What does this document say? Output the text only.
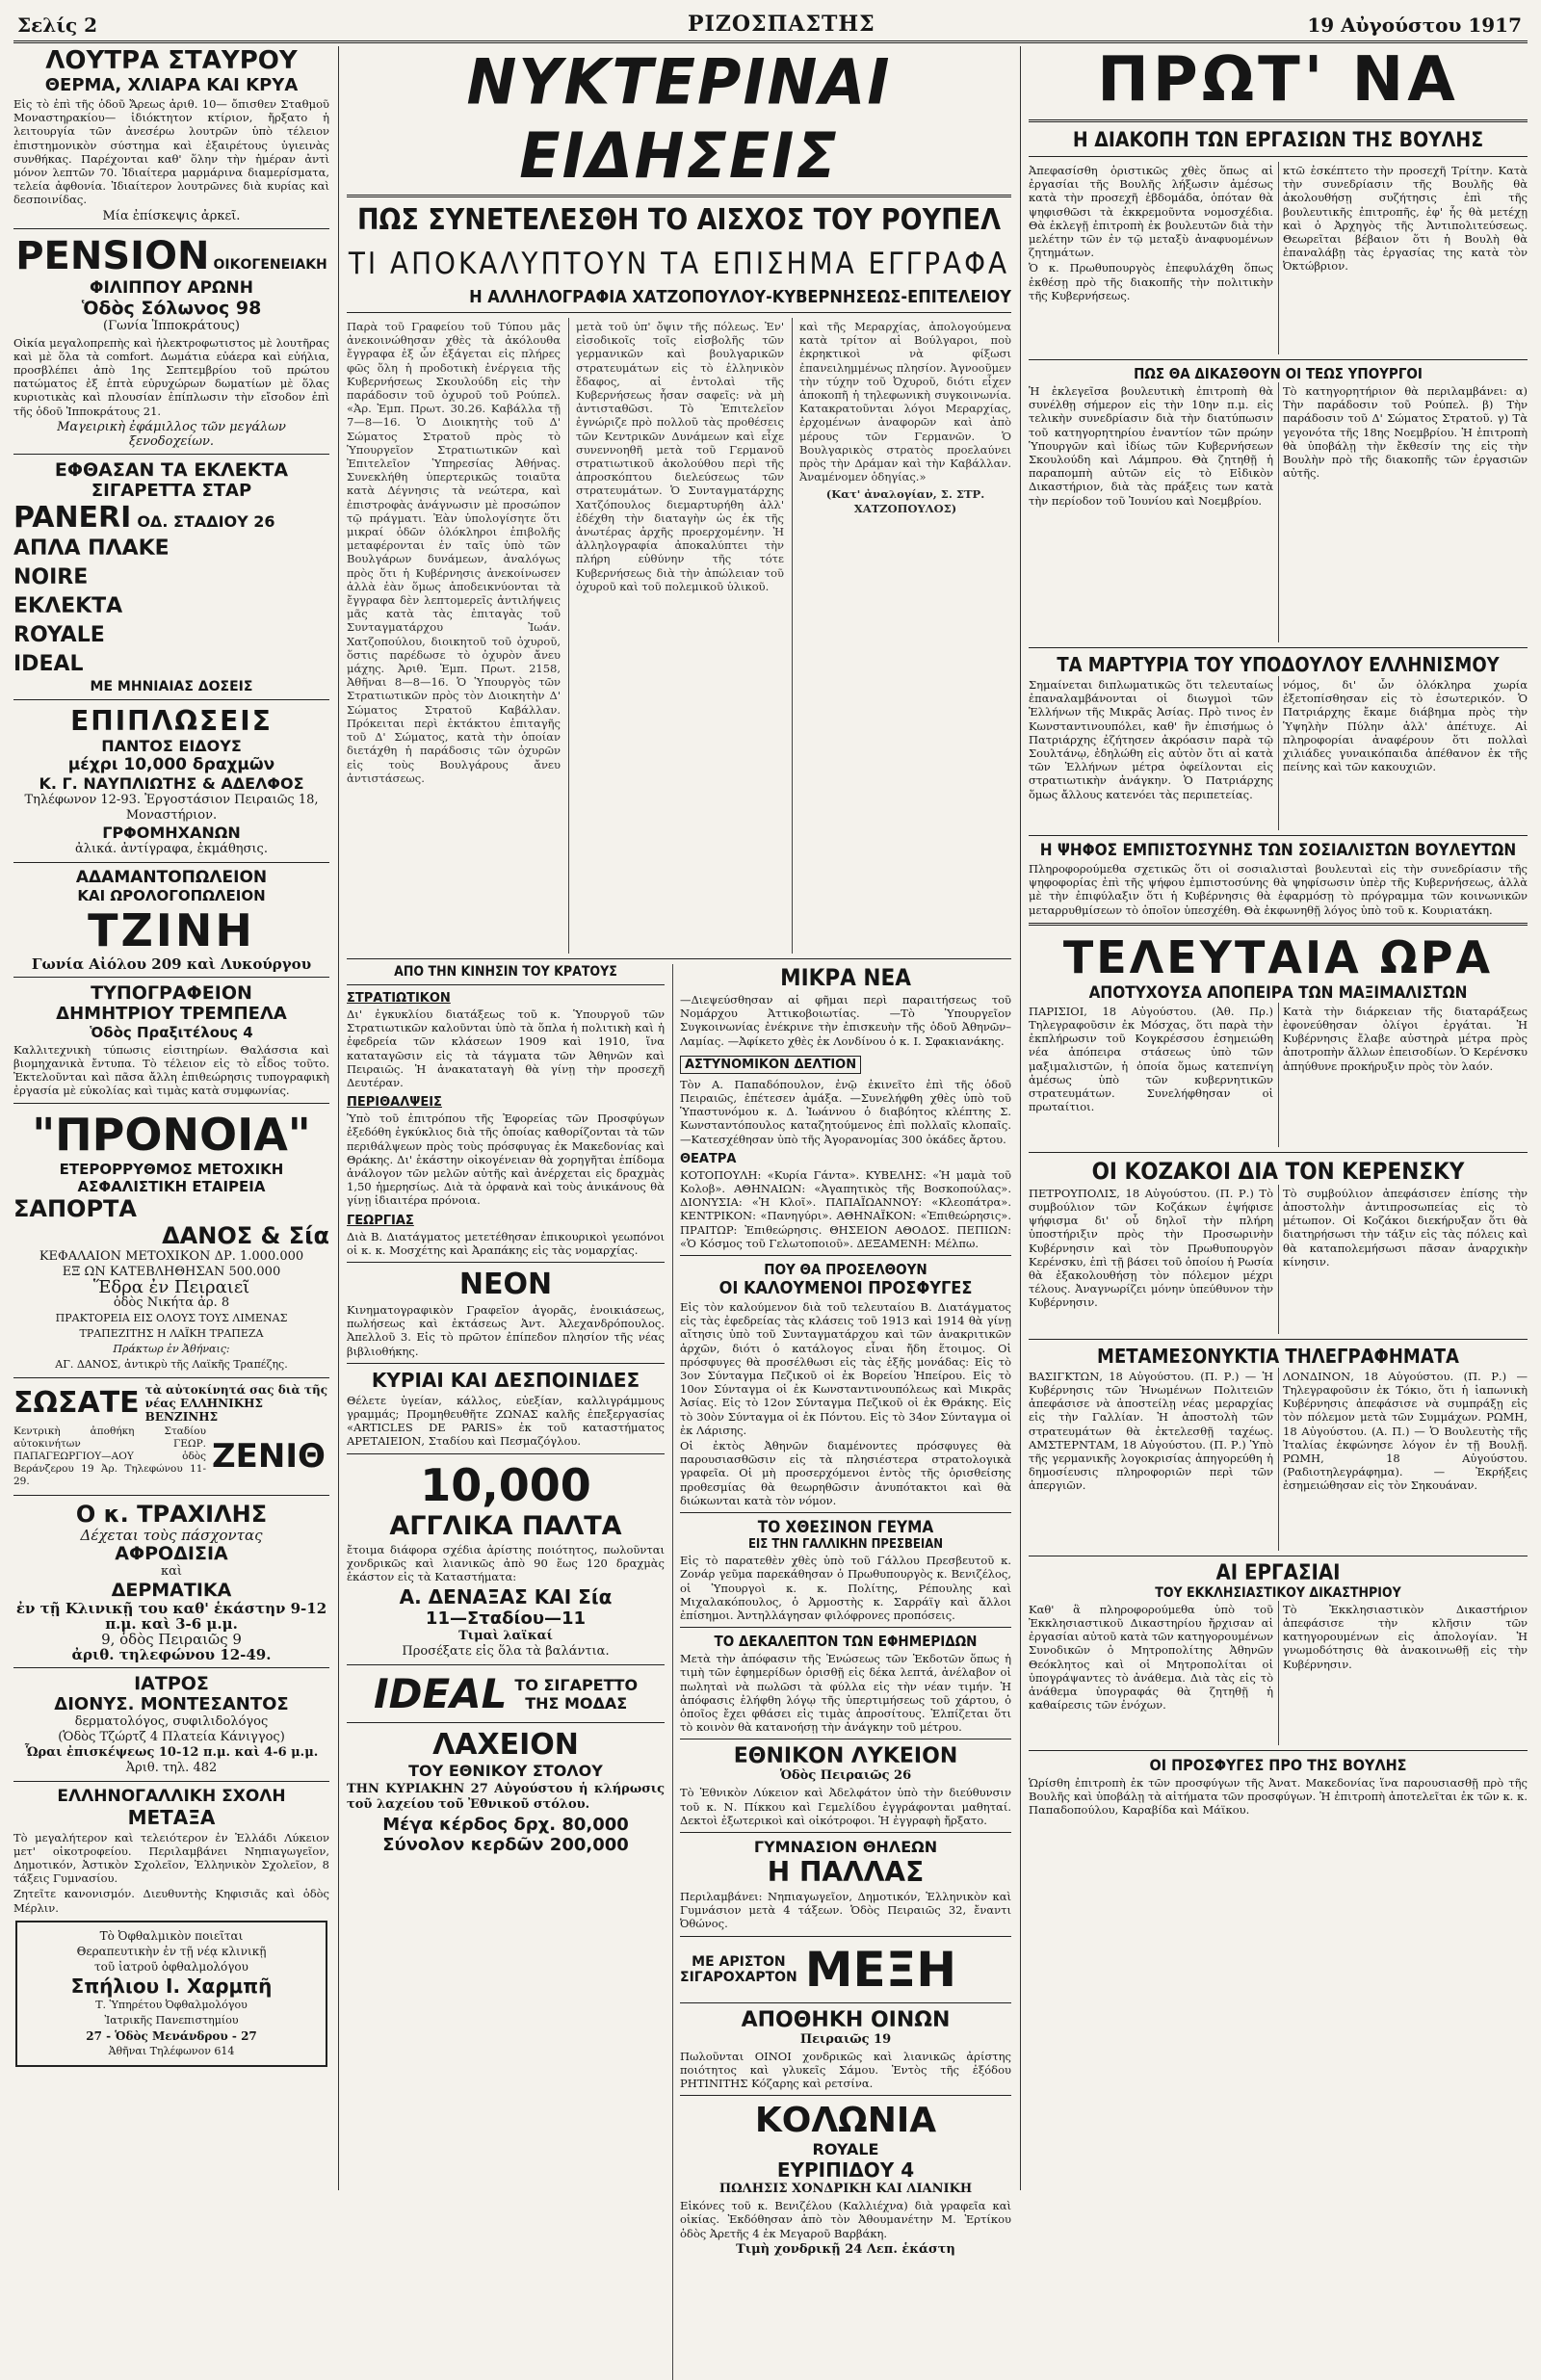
Σελίς 2	ΡΙΖΟΣΠΑΣΤΗΣ	19 Αὐγούστου 1917
ΛΟΥΤΡΑ ΣΤΑΥΡΟΥ
ΘΕΡΜΑ, ΧΛΙΑΡΑ ΚΑΙ ΚΡΥΑ
Εἰς τὸ ἐπὶ τῆς ὁδοῦ Ἄρεως ἀριθ. 10— ὄπισθεν Σταθμοῦ Μοναστηρακίου— ἰδιόκτητον κτίριον, ἤρξατο ἡ λειτουργία τῶν ἀνεσέρω λουτρῶν ὑπὸ τέλειον ἐπιστημονικὸν σύστημα καὶ ἐξαιρέτους ὑγιεινὰς συνθήκας. Παρέχονται καθ' ὅλην τὴν ἡμέραν ἀντὶ μόνον λεπτῶν 70. Ἰδιαίτερα μαρμάρινα διαμερίσματα, τελεία ἀφθονία. Ἰδιαίτερον λουτρῶνες διὰ κυρίας καὶ δεσποινίδας.
Μία ἐπίσκεψις ἀρκεῖ.
PENSION ΟΙΚΟΓΕΝΕΙΑΚΗ
ΦΙΛΙΠΠΟΥ ΑΡΩΝΗ
Ὁδὸς Σόλωνος 98
(Γωνία Ἱπποκράτους)
Οἰκία μεγαλοπρεπὴς καὶ ἠλεκτροφωτιστος μὲ λουτῆρας καὶ μὲ ὅλα τὰ comfort. Δωμάτια εὐάερα καὶ εὐήλια, προσβλέπει ἀπὸ 1ης Σεπτεμβρίου τοῦ πρώτου πατώματος ἐξ ἑπτὰ εὐρυχώρων δωματίων μὲ ὅλας κυριοτικὰς καὶ πλουσίαν ἐπίπλωσιν τὴν εἴσοδον ἐπὶ τῆς ὁδοῦ Ἱπποκράτους 21.
Μαγειρικὴ ἐφάμιλλος τῶν μεγάλων ξενοδοχείων.
ΕΦΘΑΣΑΝ ΤΑ ΕΚΛΕΚΤΑ
ΣΙΓΑΡΕΤΤΑ ΣΤΑΡ
PANERI ΟΔ. ΣΤΑΔΙΟΥ 26
ΑΠΛΑ ΠΛΑΚΕ
ΝΟΙRΕ
ΕΚΛΕΚΤΑ
ROYALE
IDEAL
ΜΕ ΜΗΝΙΑΙΑΣ ΔΟΣΕΙΣ
ΕΠΙΠΛΩΣΕΙΣ
ΠΑΝΤΟΣ ΕΙΔΟΥΣ
μέχρι 10,000 δραχμῶν
Κ. Γ. ΝΑΥΠΛΙΩΤΗΣ & ΑΔΕΛΦΟΣ
Τηλέφωνον 12-93. Ἐργοστάσιον Πειραιῶς 18, Μοναστήριον.
ΓΡΦΟΜΗΧΑΝΩΝ
ἀλικά. ἀντίγραφα, ἐκμάθησις.
ΑΔΑΜΑΝΤΟΠΩΛΕΙΟΝ
ΚΑΙ ΩΡΟΛΟΓΟΠΩΛΕΙΟΝ
ΤΖΙΝΗ
Γωνία Αἰόλου 209 καὶ Λυκούργου
ΤΥΠΟΓΡΑΦΕΙΟΝ
ΔΗΜΗΤΡΙΟΥ ΤΡΕΜΠΕΛΑ
Ὁδὸς Πραξιτέλους 4
Καλλιτεχνικὴ τύπωσις εἰσιτηρίων. Θαλάσσια καὶ βιομηχανικὰ ἔντυπα. Τὸ τέλειον εἰς τὸ εἶδος τοῦτο. Ἐκτελοῦνται καὶ πᾶσα ἄλλη ἐπιθεώρησις τυπογραφικὴ ἐργασία μὲ εὐκολίας καὶ τιμὰς κατὰ συμφωνίας.
"ΠΡΟΝΟΙΑ"
ΕΤΕΡΟΡΡΥΘΜΟΣ ΜΕΤΟΧΙΚΗ
ΑΣΦΑΛΙΣΤΙΚΗ ΕΤΑΙΡΕΙΑ
ΣΑΠΟΡΤΑ
ΔΑΝΟΣ & Σία
ΚΕΦΑΛΑΙΟΝ ΜΕΤΟΧΙΚΟΝ ΔΡ. 1.000.000
ΕΞ ΩΝ ΚΑΤΕΒΛΗΘΗΣΑΝ 500.000
Ἕδρα ἐν Πειραιεῖ
ὁδὸς Νικήτα ἀρ. 8
ΠΡΑΚΤΟΡΕΙΑ ΕΙΣ ΟΛΟΥΣ ΤΟΥΣ ΛΙΜΕΝΑΣ
ΤΡΑΠΕΖΙΤΗΣ Η ΛΑΪΚΗ ΤΡΑΠΕΖΑ
Πράκτωρ ἐν Ἀθήναις:
ΑΓ. ΔΑΝΟΣ, ἀντικρὺ τῆς Λαϊκῆς Τραπέζης.
ΣΩΣΑΤΕ τὰ αὐτοκίνητά σας διὰ τῆς νέας ΕΛΛΗΝΙΚΗΣ ΒΕΝΖΙΝΗΣ
Κεντρικὴ ἀποθήκη Σταδίου αὐτοκινήτων ΓΕΩΡ. ΠΑΠΑΓΕΩΡΓΙΟΥ—ΑΟΥ ὁδὸς Βεράνζερου 19 Ἀρ. Τηλεφώνου 11-29.
ΖΕΝΙΘ
Ο κ. ΤΡΑΧΙΛΗΣ
Δέχεται τοὺς πάσχοντας
ΑΦΡΟΔΙΣΙΑ
καὶ
ΔΕΡΜΑΤΙΚΑ
ἐν τῇ Κλινικῇ του καθ' ἑκάστην 9-12 π.μ. καὶ 3-6 μ.μ.
9, ὁδὸς Πειραιῶς 9
ἀριθ. τηλεφώνου 12-49.
ΙΑΤΡΟΣ
ΔΙΟΝΥΣ. ΜΟΝΤΕΣΑΝΤΟΣ
δερματολόγος, συφιλιδολόγος
(Ὁδὸς Τζώρτζ 4 Πλατεία Κάνιγγος)
Ὧραι ἐπισκέψεως 10-12 π.μ. καὶ 4-6 μ.μ.
Ἀριθ. τηλ. 482
ΕΛΛΗΝΟΓΑΛΛΙΚΗ ΣΧΟΛΗ
ΜΕΤΑΞΑ
Τὸ μεγαλήτερον καὶ τελειότερον ἐν Ἑλλάδι Λύκειον μετ' οἰκοτροφείου. Περιλαμβάνει Νηπιαγωγεῖον, Δημοτικόν, Ἀστικὸν Σχολεῖον, Ἑλληνικὸν Σχολεῖον, 8 τάξεις Γυμνασίου.
Ζητεῖτε κανονισμόν. Διευθυντὴς Κηφισιᾶς καὶ ὁδὸς Μέρλιν.
Τὸ Ὀφθαλμικὸν ποιεῖται
Θεραπευτικὴν ἐν τῇ νέᾳ κλινικῇ
τοῦ ἰατροῦ ὀφθαλμολόγου
Σπήλιου Ι. Χαρμπῆ
Τ. Ὑπηρέτου Ὀφθαλμολόγου
Ἰατρικῆς Πανεπιστημίου
27 - Ὁδὸς Μενάνδρου - 27
Ἀθῆναι Τηλέφωνον 614
ΝΥΚΤΕΡΙΝΑΙ ΕΙΔΗΣΕΙΣ
ΠΩΣ ΣΥΝΕΤΕΛΕΣΘΗ ΤΟ ΑΙΣΧΟΣ ΤΟΥ ΡΟΥΠΕΛ
ΤΙ ΑΠΟΚΑΛΥΠΤΟΥΝ ΤΑ ΕΠΙΣΗΜΑ ΕΓΓΡΑΦΑ
Η ΑΛΛΗΛΟΓΡΑΦΙΑ ΧΑΤΖΟΠΟΥΛΟΥ-ΚΥΒΕΡΝΗΣΕΩΣ-ΕΠΙΤΕΛΕΙΟΥ
Παρὰ τοῦ Γραφείου τοῦ Τύπου μᾶς ἀνεκοινώθησαν χθὲς τὰ ἀκόλουθα ἔγγραφα ἐξ ὧν ἐξάγεται εἰς πλήρες φῶς ὅλη ἡ προδοτικὴ ἐνέργεια τῆς Κυβερνήσεως Σκουλούδη εἰς τὴν παράδοσιν τοῦ ὀχυροῦ τοῦ Ρούπελ. «Ἀρ. Ἐμπ. Πρωτ. 30.26. Καβάλλα τῇ 7—8—16. Ὁ Διοικητὴς τοῦ Δ' Σώματος Στρατοῦ πρὸς τὸ Ὑπουργεῖον Στρατιωτικῶν καὶ Ἐπιτελεῖον Ὑπηρεσίας Ἀθήνας. Συνεκλήθη ὑπερτερικῶς τοιαῦτα κατὰ Δέγνησις τὰ νεώτερα, καὶ ἐπιστροφὰς ἀνάγνωσιν μὲ προσώπον τῷ πράγματι. Ἐὰν ὑπολογίσητε ὅτι μικραί ὁδῶν ὁλόκληροι ἐπιβολῆς μεταφέρονται ἐν ταῖς ὑπὸ τῶν Βουλγάρων δυνάμεων, ἀναλόγως πρὸς ὅτι ἡ Κυβέρνησις ἀνεκοίνωσεν ἀλλὰ ἐὰν ὅμως ἀποδεικνύονται τὰ ἔγγραφα δὲν λεπτομερεῖς ἀντιλήψεις μᾶς κατὰ τὰς ἐπιταγὰς τοῦ Συνταγματάρχου Ἰωάν. Χατζοπούλου, διοικητοῦ τοῦ ὀχυροῦ, ὅστις παρέδωσε τὸ ὀχυρὸν ἄνευ μάχης. Ἀριθ. Ἐμπ. Πρωτ. 2158, Ἀθῆναι 8—8—16. Ὁ Ὑπουργὸς τῶν Στρατιωτικῶν πρὸς τὸν Διοικητὴν Δ' Σώματος Στρατοῦ Καβάλλαν. Πρόκειται περὶ ἐκτάκτου ἐπιταγῆς τοῦ Δ' Σώματος, κατὰ τὴν ὁποίαν διετάχθη ἡ παράδοσις τῶν ὀχυρῶν εἰς τοὺς Βουλγάρους ἄνευ ἀντιστάσεως.
μετὰ τοῦ ὑπ' ὄψιν τῆς πόλεως. Ἐν' εἰσοδικοῖς τοῖς εἰσβολῆς τῶν γερμανικῶν καὶ βουλγαρικῶν στρατευμάτων εἰς τὸ ἑλληνικὸν ἔδαφος, αἱ ἐντολαὶ τῆς Κυβερνήσεως ἦσαν σαφεῖς: νὰ μὴ ἀντισταθῶσι. Τὸ Ἐπιτελεῖον ἐγνώριζε πρὸ πολλοῦ τὰς προθέσεις τῶν Κεντρικῶν Δυνάμεων καὶ εἶχε συνεννοηθῆ μετὰ τοῦ Γερμανοῦ στρατιωτικοῦ ἀκολούθου περὶ τῆς ἀπροσκόπτου διελεύσεως τῶν στρατευμάτων. Ὁ Συνταγματάρχης Χατζόπουλος διεμαρτυρήθη ἀλλ' ἐδέχθη τὴν διαταγὴν ὡς ἐκ τῆς ἀνωτέρας ἀρχῆς προερχομένην. Ἡ ἀλληλογραφία ἀποκαλύπτει τὴν πλήρη εὐθύνην τῆς τότε Κυβερνήσεως διὰ τὴν ἀπώλειαν τοῦ ὀχυροῦ καὶ τοῦ πολεμικοῦ ὑλικοῦ.
καὶ τῆς Μεραρχίας, ἀπολογούμενα κατὰ τρίτον αἱ Βούλγαροι, ποὺ ἐκρηκτικοὶ νὰ φίξωσι ἐπανειλημμένως πλησίον. Ἀγνοοῦμεν τὴν τύχην τοῦ Ὀχυροῦ, διότι εἶχεν ἀποκοπῆ ἡ τηλεφωνικὴ συγκοινωνία. Κατακρατοῦνται λόγοι Μεραρχίας, ἐρχομένων ἀναφορῶν καὶ ἀπὸ μέρους τῶν Γερμανῶν. Ὁ Βουλγαρικὸς στρατὸς προελαύνει πρὸς τὴν Δράμαν καὶ τὴν Καβάλλαν. Ἀναμένομεν ὁδηγίας.»
(Κατ' ἀναλογίαν, Σ. ΣΤΡ. ΧΑΤΖΟΠΟΥΛΟΣ)
ΑΠΟ ΤΗΝ ΚΙΝΗΣΙΝ ΤΟΥ ΚΡΑΤΟΥΣ
ΣΤΡΑΤΙΩΤΙΚΟΝ
Δι' ἐγκυκλίου διατάξεως τοῦ κ. Ὑπουργοῦ τῶν Στρατιωτικῶν καλοῦνται ὑπὸ τὰ ὅπλα ἡ πολιτικὴ καὶ ἡ ἐφεδρεία τῶν κλάσεων 1909 καὶ 1910, ἵνα καταταγῶσιν εἰς τὰ τάγματα τῶν Ἀθηνῶν καὶ Πειραιῶς. Ἡ ἀνακαταταγὴ θὰ γίνῃ τὴν προσεχῆ Δευτέραν.
ΠΕΡΙΘΑΛΨΕΙΣ
Ὑπὸ τοῦ ἐπιτρόπου τῆς Ἐφορείας τῶν Προσφύγων ἐξεδόθη ἐγκύκλιος διὰ τῆς ὁποίας καθορίζονται τὰ τῶν περιθάλψεων πρὸς τοὺς πρόσφυγας ἐκ Μακεδονίας καὶ Θράκης. Δι' ἑκάστην οἰκογένειαν θὰ χορηγῆται ἐπίδομα ἀνάλογον τῶν μελῶν αὐτῆς καὶ ἀνέρχεται εἰς δραχμὰς 1,50 ἡμερησίως. Διὰ τὰ ὀρφανὰ καὶ τοὺς ἀνικάνους θὰ γίνῃ ἰδιαιτέρα πρόνοια.
ΓΕΩΡΓΙΑΣ
Διὰ Β. Διατάγματος μετετέθησαν ἐπικουρικοὶ γεωπόνοι οἱ κ. κ. Μοσχέτης καὶ Ἀραπάκης εἰς τὰς νομαρχίας.
ΝΕΟΝ
Κινηματογραφικὸν Γραφεῖον ἀγορᾶς, ἐνοικιάσεως, πωλήσεως καὶ ἐκτάσεως Ἀντ. Ἀλεχανδρόπουλος. Ἀπελλοῦ 3. Εἰς τὸ πρῶτον ἐπίπεδον πλησίον τῆς νέας βιβλιοθήκης.
ΚΥΡΙΑΙ ΚΑΙ ΔΕΣΠΟΙΝΙΔΕΣ
Θέλετε ὑγείαν, κάλλος, εὐεξίαν, καλλιγράμμους γραμμάς; Προμηθευθῆτε ΖΩΝΑΣ καλῆς ἐπεξεργασίας «ARTICLES DE PARIS» ἐκ τοῦ καταστήματος ΑΡΕΤΑΙΕΙΟΝ, Σταδίου καὶ Πεσμαζόγλου.
10,000
ΑΓΓΛΙΚΑ ΠΑΛΤΑ
ἔτοιμα διάφορα σχέδια ἀρίστης ποιότητος, πωλοῦνται χονδρικῶς καὶ λιανικῶς ἀπὸ 90 ἕως 120 δραχμὰς ἑκάστον εἰς τὰ Καταστήματα:
Α. ΔΕΝΑΞΑΣ ΚΑΙ Σία
11—Σταδίου—11
Τιμαὶ λαϊκαί
Προσέξατε εἰς ὅλα τὰ βαλάντια.
IDEAL ΤΟ ΣΙΓΑΡΕΤΤΟ
ΤΗΣ ΜΟΔΑΣ
ΛΑΧΕΙΟΝ
ΤΟΥ ΕΘΝΙΚΟΥ ΣΤΟΛΟΥ
ΤΗΝ ΚΥΡΙΑΚΗΝ 27 Αὐγούστου ἡ κλήρωσις τοῦ λαχείου τοῦ Ἐθνικοῦ στόλου.
Μέγα κέρδος δρχ. 80,000
Σύνολον κερδῶν 200,000
ΜΙΚΡΑ ΝΕΑ
—Διεψεύσθησαν αἱ φῆμαι περὶ παραιτήσεως τοῦ Νομάρχου Ἀττικοβοιωτίας. —Τὸ Ὑπουργεῖον Συγκοινωνίας ἐνέκρινε τὴν ἐπισκευὴν τῆς ὁδοῦ Ἀθηνῶν–Λαμίας. —Ἀφίκετο χθὲς ἐκ Λονδίνου ὁ κ. Ι. Σφακιανάκης.
ΑΣΤΥΝΟΜΙΚΟΝ ΔΕΛΤΙΟΝ
Τὸν Α. Παπαδόπουλον, ἐνῷ ἐκινεῖτο ἐπὶ τῆς ὁδοῦ Πειραιῶς, ἐπέτεσεν ἀμάξα. —Συνελήφθη χθὲς ὑπὸ τοῦ Ὑπαστυνόμου κ. Δ. Ἰωάννου ὁ διαβόητος κλέπτης Σ. Κωνσταντόπουλος καταζητούμενος ἐπὶ πολλαῖς κλοπαῖς. —Κατεσχέθησαν ὑπὸ τῆς Ἀγορανομίας 300 ὀκάδες ἄρτου.
ΘΕΑΤΡΑ
ΚΟΤΟΠΟΥΛΗ: «Κυρία Γάντα». ΚΥΒΕΛΗΣ: «Ἡ μαμὰ τοῦ Κολοβ». ΑΘΗΝΑΙΩΝ: «Ἀγαπητικὸς τῆς Βοσκοπούλας». ΔΙΟΝΥΣΙΑ: «Ἡ Κλοῖ». ΠΑΠΑΪΩΑΝΝΟΥ: «Κλεοπάτρα». ΚΕΝΤΡΙΚΟΝ: «Πανηγύρι». ΑΘΗΝΑΪΚΟΝ: «Ἐπιθεώρησις». ΠΡΑΙΤΩΡ: Ἐπιθεώρησις. ΘΗΣΕΙΟΝ ΑΘΟΔΟΣ. ΠΕΠΙΩΝ: «Ὁ Κόσμος τοῦ Γελωτοποιοῦ». ΔΕΞΑΜΕΝΗ: Μέλπω.
ΠΟΥ ΘΑ ΠΡΟΣΕΛΘΟΥΝ
ΟΙ ΚΑΛΟΥΜΕΝΟΙ ΠΡΟΣΦΥΓΕΣ
Εἰς τὸν καλούμενον διὰ τοῦ τελευταίου Β. Διατάγματος εἰς τὰς ἐφεδρείας τὰς κλάσεις τοῦ 1913 καὶ 1914 θὰ γίνῃ αἴτησις ὑπὸ τοῦ Συνταγματάρχου καὶ τῶν ἀνακριτικῶν ἀρχῶν, διότι ὁ κατάλογος εἶναι ἤδη ἕτοιμος. Οἱ πρόσφυγες θὰ προσέλθωσι εἰς τὰς ἑξῆς μονάδας: Εἰς τὸ 3ον Σύνταγμα Πεζικοῦ οἱ ἐκ Βορείου Ἠπείρου. Εἰς τὸ 10ον Σύνταγμα οἱ ἐκ Κωνσταντινουπόλεως καὶ Μικρᾶς Ἀσίας. Εἰς τὸ 12ον Σύνταγμα Πεζικοῦ οἱ ἐκ Θράκης. Εἰς τὸ 30ὸν Σύνταγμα οἱ ἐκ Πόντου. Εἰς τὸ 34ον Σύνταγμα οἱ ἐκ Λάρισης.
Οἱ ἐκτὸς Ἀθηνῶν διαμένοντες πρόσφυγες θὰ παρουσιασθῶσιν εἰς τὰ πλησιέστερα στρατολογικὰ γραφεῖα. Οἱ μὴ προσερχόμενοι ἐντὸς τῆς ὁρισθείσης προθεσμίας θὰ θεωρηθῶσιν ἀνυπότακτοι καὶ θὰ διώκωνται κατὰ τὸν νόμον.
ΤΟ ΧΘΕΣΙΝΟΝ ΓΕΥΜΑ
ΕΙΣ ΤΗΝ ΓΑΛΛΙΚΗΝ ΠΡΕΣΒΕΙΑΝ
Εἰς τὸ παρατεθὲν χθὲς ὑπὸ τοῦ Γάλλου Πρεσβευτοῦ κ. Ζονάρ γεῦμα παρεκάθησαν ὁ Πρωθυπουργὸς κ. Βενιζέλος, οἱ Ὑπουργοὶ κ. κ. Πολίτης, Ρέπουλης καὶ Μιχαλακόπουλος, ὁ Ἀρμοστὴς κ. Σαρράϊγ καὶ ἄλλοι ἐπίσημοι. Ἀντηλλάγησαν φιλόφρονες προπόσεις.
ΤΟ ΔΕΚΑΛΕΠΤΟΝ ΤΩΝ ΕΦΗΜΕΡΙΔΩΝ
Μετὰ τὴν ἀπόφασιν τῆς Ἐνώσεως τῶν Ἐκδοτῶν ὅπως ἡ τιμὴ τῶν ἐφημερίδων ὁρισθῇ εἰς δέκα λεπτά, ἀνέλαβον οἱ πωληταὶ νὰ πωλῶσι τὰ φύλλα εἰς τὴν νέαν τιμήν. Ἡ ἀπόφασις ἐλήφθη λόγῳ τῆς ὑπερτιμήσεως τοῦ χάρτου, ὁ ὁποῖος ἔχει φθάσει εἰς τιμὰς ἀπροσίτους. Ἐλπίζεται ὅτι τὸ κοινὸν θὰ κατανοήσῃ τὴν ἀνάγκην τοῦ μέτρου.
ΕΘΝΙΚΟΝ ΛΥΚΕΙΟΝ
Ὁδὸς Πειραιῶς 26
Τὸ Ἐθνικὸν Λύκειον καὶ Ἀδελφάτον ὑπὸ τὴν διεύθυνσιν τοῦ κ. Ν. Πίκκου καὶ Γεμελίδου ἐγγράφονται μαθηταί. Δεκτοὶ ἐξωτερικοὶ καὶ οἰκότροφοι. Ἡ ἐγγραφὴ ἤρξατο.
ΓΥΜΝΑΣΙΟΝ ΘΗΛΕΩΝ
Η ΠΑΛΛΑΣ
Περιλαμβάνει: Νηπιαγωγεῖον, Δημοτικόν, Ἑλληνικὸν καὶ Γυμνάσιον μετὰ 4 τάξεων. Ὁδὸς Πειραιῶς 32, ἔναντι Ὀθώνος.
ΜΕ ΑΡΙΣΤΟΝ
ΣΙΓΑΡΟΧΑΡΤΟΝ ΜΕΞΗ
ΑΠΟΘΗΚΗ ΟΙΝΩΝ
Πειραιῶς 19
Πωλοῦνται ΟΙΝΟΙ χονδρικῶς καὶ λιανικῶς ἀρίστης ποιότητος καὶ γλυκεῖς Σάμου. Ἐντὸς τῆς ἐξόδου ΡΗΤΙΝΙΤΗΣ Κόζαρης καὶ ρετσίνα.
ΚΟΛΩΝΙΑ
ROYALE
ΕΥΡΙΠΙΔΟΥ 4
ΠΩΛΗΣΙΣ ΧΟΝΔΡΙΚΗ ΚΑΙ ΛΙΑΝΙΚΗ
Εἰκόνες τοῦ κ. Βενιζέλου (Καλλιέχνα) διὰ γραφεῖα καὶ οἰκίας. Ἐκδόθησαν ἀπὸ τὸν Ἀθουμανέτην Μ. Ἐρτίκου ὁδὸς Ἀρετῆς 4 ἐκ Μεγαροῦ Βαρβάκη.
Τιμὴ χονδρικῇ 24 Λεπ. ἑκάστη
ΠΡΩΤ' ΝΑ
Η ΔΙΑΚΟΠΗ ΤΩΝ ΕΡΓΑΣΙΩΝ ΤΗΣ ΒΟΥΛΗΣ
Ἀπεφασίσθη ὁριστικῶς χθὲς ὅπως αἱ ἐργασίαι τῆς Βουλῆς λήξωσιν ἀμέσως κατὰ τὴν προσεχῆ ἑβδομάδα, ὁπόταν θὰ ψηφισθῶσι τὰ ἐκκρεμοῦντα νομοσχέδια. Θὰ ἐκλεγῇ ἐπιτροπὴ ἐκ βουλευτῶν διὰ τὴν μελέτην τῶν ἐν τῷ μεταξὺ ἀναφυομένων ζητημάτων.
Ὁ κ. Πρωθυπουργὸς ἐπεφυλάχθη ὅπως ἐκθέσῃ πρὸ τῆς διακοπῆς τὴν πολιτικὴν τῆς Κυβερνήσεως.
κτῶ ἐσκέπτετο τὴν προσεχῆ Τρίτην. Κατὰ τὴν συνεδρίασιν τῆς Βουλῆς θὰ ἀκολουθήσῃ συζήτησις ἐπὶ τῆς βουλευτικῆς ἐπιτροπῆς, ἐφ' ἧς θὰ μετέχῃ καὶ ὁ Ἀρχηγὸς τῆς Ἀντιπολιτεύσεως. Θεωρεῖται βέβαιον ὅτι ἡ Βουλὴ θὰ ἐπαναλάβῃ τὰς ἐργασίας της κατὰ τὸν Ὀκτώβριον.
ΠΩΣ ΘΑ ΔΙΚΑΣΘΟΥΝ ΟΙ ΤΕΩΣ ΥΠΟΥΡΓΟΙ
Ἡ ἐκλεγεῖσα βουλευτικὴ ἐπιτροπὴ θὰ συνέλθῃ σήμερον εἰς τὴν 10ην π.μ. εἰς τελικὴν συνεδρίασιν διὰ τὴν διατύπωσιν τοῦ κατηγορητηρίου ἐναντίον τῶν πρώην Ὑπουργῶν καὶ ἰδίως τῶν Κυβερνήσεων Σκουλούδη καὶ Λάμπρου. Θὰ ζητηθῇ ἡ παραπομπὴ αὐτῶν εἰς τὸ Εἰδικὸν Δικαστήριον, διὰ τὰς πράξεις των κατὰ τὴν περίοδον τοῦ Ἰουνίου καὶ Νοεμβρίου.
Τὸ κατηγορητήριον θὰ περιλαμβάνει: α) Τὴν παράδοσιν τοῦ Ρούπελ. β) Τὴν παράδοσιν τοῦ Δ' Σώματος Στρατοῦ. γ) Τὰ γεγονότα τῆς 18ης Νοεμβρίου. Ἡ ἐπιτροπὴ θὰ ὑποβάλῃ τὴν ἔκθεσίν της εἰς τὴν Βουλὴν πρὸ τῆς διακοπῆς τῶν ἐργασιῶν αὐτῆς.
ΤΑ ΜΑΡΤΥΡΙΑ ΤΟΥ ΥΠΟΔΟΥΛΟΥ ΕΛΛΗΝΙΣΜΟΥ
Σημαίνεται διπλωματικῶς ὅτι τελευταίως ἐπαναλαμβάνονται οἱ διωγμοὶ τῶν Ἑλλήνων τῆς Μικρᾶς Ἀσίας. Πρὸ τινος ἐν Κωνσταντινουπόλει, καθ' ἣν ἐπισήμως ὁ Πατριάρχης ἐζήτησεν ἀκρόασιν παρὰ τῷ Σουλτάνῳ, ἐδηλώθη εἰς αὐτὸν ὅτι αἱ κατὰ τῶν Ἑλλήνων μέτρα ὀφείλονται εἰς στρατιωτικὴν ἀνάγκην. Ὁ Πατριάρχης ὅμως ἄλλους κατενόει τὰς περιπετείας.
νόμος, δι' ὧν ὁλόκληρα χωρία ἐξετοπίσθησαν εἰς τὸ ἐσωτερικόν. Ὁ Πατριάρχης ἔκαμε διάβημα πρὸς τὴν Ὑψηλὴν Πύλην ἀλλ' ἀπέτυχε. Αἱ πληροφορίαι ἀναφέρουν ὅτι πολλαὶ χιλιάδες γυναικόπαιδα ἀπέθανον ἐκ τῆς πείνης καὶ τῶν κακουχιῶν.
Η ΨΗΦΟΣ ΕΜΠΙΣΤΟΣΥΝΗΣ ΤΩΝ ΣΟΣΙΑΛΙΣΤΩΝ ΒΟΥΛΕΥΤΩΝ
Πληροφορούμεθα σχετικῶς ὅτι οἱ σοσιαλισταὶ βουλευταὶ εἰς τὴν συνεδρίασιν τῆς ψηφοφορίας ἐπὶ τῆς ψήφου ἐμπιστοσύνης θὰ ψηφίσωσιν ὑπὲρ τῆς Κυβερνήσεως, ἀλλὰ μὲ τὴν ἐπιφύλαξιν ὅτι ἡ Κυβέρνησις θὰ ἐφαρμόσῃ τὸ πρόγραμμα τῶν κοινωνικῶν μεταρρυθμίσεων τὸ ὁποῖον ὑπεσχέθη. Θὰ ἐκφωνηθῇ λόγος ὑπὸ τοῦ κ. Κουριατάκη.
ΤΕΛΕΥΤΑΙΑ ΩΡΑ
ΑΠΟΤΥΧΟΥΣΑ ΑΠΟΠΕΙΡΑ ΤΩΝ ΜΑΞΙΜΑΛΙΣΤΩΝ
ΠΑΡΙΣΙΟΙ, 18 Αὐγούστου. (Ἀθ. Πρ.) Τηλεγραφοῦσιν ἐκ Μόσχας, ὅτι παρὰ τὴν ἐκπλήρωσιν τοῦ Κογκρέσσου ἐσημειώθη νέα ἀπόπειρα στάσεως ὑπὸ τῶν μαξιμαλιστῶν, ἡ ὁποία ὅμως κατεπνίγη ἀμέσως ὑπὸ τῶν κυβερνητικῶν στρατευμάτων. Συνελήφθησαν οἱ πρωταίτιοι.
Κατὰ τὴν διάρκειαν τῆς διαταράξεως ἐφονεύθησαν ὀλίγοι ἐργάται. Ἡ Κυβέρνησις ἔλαβε αὐστηρὰ μέτρα πρὸς ἀποτροπὴν ἄλλων ἐπεισοδίων. Ὁ Κερένσκυ ἀπηύθυνε προκήρυξιν πρὸς τὸν λαόν.
ΟΙ ΚΟΖΑΚΟΙ ΔΙΑ ΤΟΝ ΚΕΡΕΝΣΚΥ
ΠΕΤΡΟΥΠΟΛΙΣ, 18 Αὐγούστου. (Π. Ρ.) Τὸ συμβούλιον τῶν Κοζάκων ἐψήφισε ψήφισμα δι' οὗ δηλοῖ τὴν πλήρη ὑποστήριξιν πρὸς τὴν Προσωρινὴν Κυβέρνησιν καὶ τὸν Πρωθυπουργὸν Κερένσκυ, ἐπὶ τῇ βάσει τοῦ ὁποίου ἡ Ρωσία θὰ ἐξακολουθήσῃ τὸν πόλεμον μέχρι τέλους. Ἀναγνωρίζει μόνην ὑπεύθυνον τὴν Κυβέρνησιν.
Τὸ συμβούλιον ἀπεφάσισεν ἐπίσης τὴν ἀποστολὴν ἀντιπροσωπείας εἰς τὸ μέτωπον. Οἱ Κοζάκοι διεκήρυξαν ὅτι θὰ διατηρήσωσι τὴν τάξιν εἰς τὰς πόλεις καὶ θὰ καταπολεμήσωσι πᾶσαν ἀναρχικὴν κίνησιν.
ΜΕΤΑΜΕΣΟΝΥΚΤΙΑ ΤΗΛΕΓΡΑΦΗΜΑΤΑ
ΒΑΣΙΓΚΤΩΝ, 18 Αὐγούστου. (Π. Ρ.) — Ἡ Κυβέρνησις τῶν Ἡνωμένων Πολιτειῶν ἀπεφάσισε νὰ ἀποστείλῃ νέας μεραρχίας εἰς τὴν Γαλλίαν. Ἡ ἀποστολὴ τῶν στρατευμάτων θὰ ἐκτελεσθῇ ταχέως. ΑΜΣΤΕΡΝΤΑΜ, 18 Αὐγούστου. (Π. Ρ.) Ὑπὸ τῆς γερμανικῆς λογοκρισίας ἀπηγορεύθη ἡ δημοσίευσις πληροφοριῶν περὶ τῶν ἀπεργιῶν.
ΛΟΝΔΙΝΟΝ, 18 Αὐγούστου. (Π. Ρ.) — Τηλεγραφοῦσιν ἐκ Τόκιο, ὅτι ἡ ἰαπωνικὴ Κυβέρνησις ἀπεφάσισε νὰ συμπράξῃ εἰς τὸν πόλεμον μετὰ τῶν Συμμάχων. ΡΩΜΗ, 18 Αὐγούστου. (Α. Π.) — Ὁ Βουλευτὴς τῆς Ἰταλίας ἐκφώνησε λόγον ἐν τῇ Βουλῇ. ΡΩΜΗ, 18 Αὐγούστου. (Ραδιοτηλεγράφημα). — Ἐκρήξεις ἐσημειώθησαν εἰς τὸν Σηκουάναν.
ΑΙ ΕΡΓΑΣΙΑΙ
ΤΟΥ ΕΚΚΛΗΣΙΑΣΤΙΚΟΥ ΔΙΚΑΣΤΗΡΙΟΥ
Καθ' ἃ πληροφορούμεθα ὑπὸ τοῦ Ἐκκλησιαστικοῦ Δικαστηρίου ἤρχισαν αἱ ἐργασίαι αὐτοῦ κατὰ τῶν κατηγορουμένων Συνοδικῶν ὁ Μητροπολίτης Ἀθηνῶν Θεόκλητος καὶ οἱ Μητροπολίται οἱ ὑπογράψαντες τὸ ἀνάθεμα. Διὰ τὰς εἰς τὸ ἀνάθεμα ὑπογραφάς θὰ ζητηθῇ ἡ καθαίρεσις τῶν ἐνόχων.
Τὸ Ἐκκλησιαστικὸν Δικαστήριον ἀπεφάσισε τὴν κλῆσιν τῶν κατηγορουμένων εἰς ἀπολογίαν. Ἡ γνωμοδότησις θὰ ἀνακοινωθῇ εἰς τὴν Κυβέρνησιν.
ΟΙ ΠΡΟΣΦΥΓΕΣ ΠΡΟ ΤΗΣ ΒΟΥΛΗΣ
Ὡρίσθη ἐπιτροπὴ ἐκ τῶν προσφύγων τῆς Ἀνατ. Μακεδονίας ἵνα παρουσιασθῇ πρὸ τῆς Βουλῆς καὶ ὑποβάλῃ τὰ αἰτήματα τῶν προσφύγων. Ἡ ἐπιτροπὴ ἀποτελεῖται ἐκ τῶν κ. κ. Παπαδοπούλου, Καραβίδα καὶ Μάϊκου.
